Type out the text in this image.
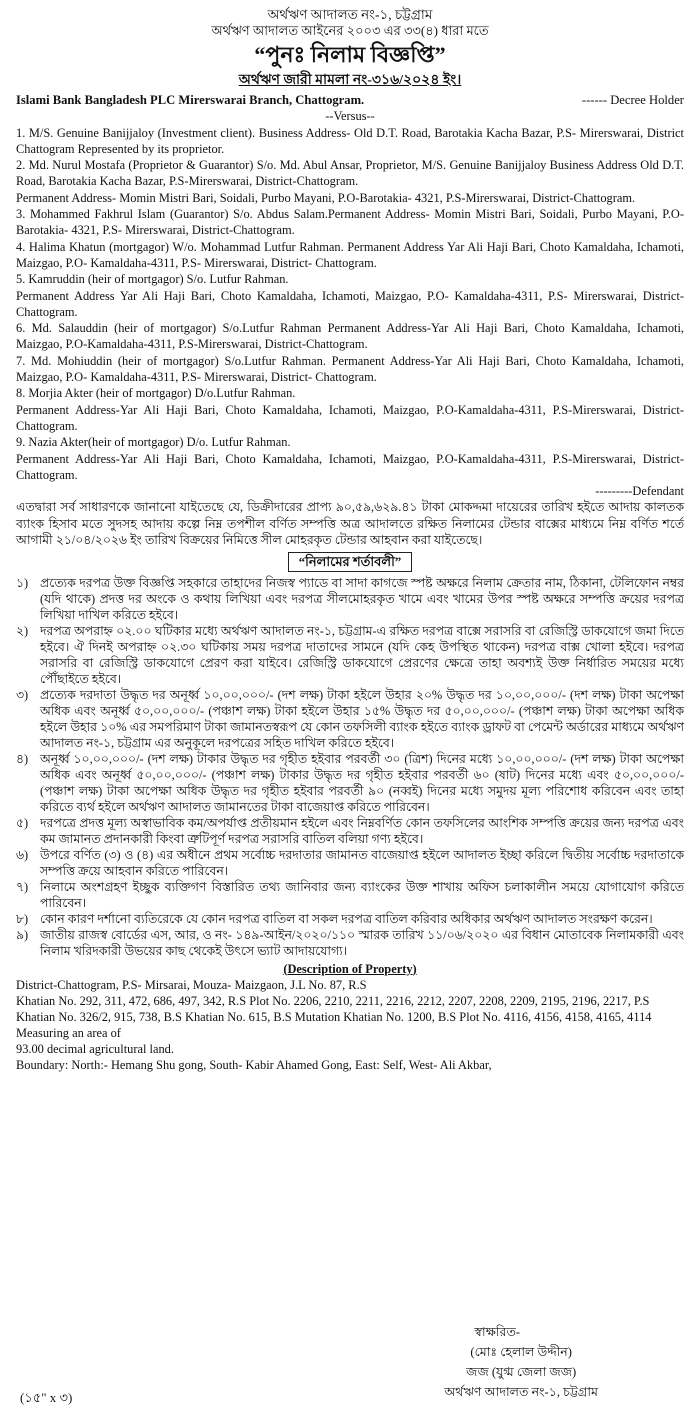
অর্থঋণ আদালত নং-১, চট্টগ্রাম
অর্থঋণ আদালত আইনের ২০০৩ এর ৩৩(৪) ধারা মতে
“পুনঃ নিলাম বিজ্ঞপ্তি”
অর্থঋণ জারী মামলা নং-৩১৬/২০২৪ ইং।
Islami Bank Bangladesh PLC Mirerswarai Branch, Chattogram.	------ Decree Holder
--Versus--

1. M/S. Genuine Banijjaloy (Investment client). Business Address- Old D.T. Road, Barotakia Kacha Bazar, P.S- Mirerswarai, District Chattogram Represented by its proprietor.

2. Md. Nurul Mostafa (Proprietor & Guarantor) S/o. Md. Abul Ansar, Proprietor, M/S. Genuine Banijjaloy Business Address Old D.T. Road, Barotakia Kacha Bazar, P.S-Mirerswarai, District-Chattogram.

Permanent Address- Momin Mistri Bari, Soidali, Purbo Mayani, P.O-Barotakia- 4321, P.S-Mirerswarai, District-Chattogram.

3. Mohammed Fakhrul Islam (Guarantor) S/o. Abdus Salam.Permanent Address- Momin Mistri Bari, Soidali, Purbo Mayani, P.O- Barotakia- 4321, P.S- Mirerswarai, District-Chattogram.

4. Halima Khatun (mortgagor) W/o. Mohammad Lutfur Rahman. Permanent Address Yar Ali Haji Bari, Choto Kamaldaha, Ichamoti, Maizgao, P.O- Kamaldaha-4311, P.S- Mirerswarai, District- Chattogram.

5. Kamruddin (heir of mortgagor) S/o. Lutfur Rahman.

Permanent Address Yar Ali Haji Bari, Choto Kamaldaha, Ichamoti, Maizgao, P.O- Kamaldaha-4311, P.S- Mirerswarai, District- Chattogram.

6. Md. Salauddin (heir of mortgagor) S/o.Lutfur Rahman Permanent Address-Yar Ali Haji Bari, Choto Kamaldaha, Ichamoti, Maizgao, P.O-Kamaldaha-4311, P.S-Mirerswarai, District-Chattogram.

7. Md. Mohiuddin (heir of mortgagor) S/o.Lutfur Rahman. Permanent Address-Yar Ali Haji Bari, Choto Kamaldaha, Ichamoti, Maizgao, P.O- Kamaldaha-4311, P.S- Mirerswarai, District- Chattogram.

8. Morjia Akter (heir of mortgagor) D/o.Lutfur Rahman.

Permanent Address-Yar Ali Haji Bari, Choto Kamaldaha, Ichamoti, Maizgao, P.O-Kamaldaha-4311, P.S-Mirerswarai, District-Chattogram.

9. Nazia Akter(heir of mortgagor) D/o. Lutfur Rahman.

Permanent Address-Yar Ali Haji Bari, Choto Kamaldaha, Ichamoti, Maizgao, P.O-Kamaldaha-4311, P.S-Mirerswarai, District-Chattogram.

---------Defendant
এতদ্বারা সর্ব সাধারণকে জানানো যাইতেছে যে, ডিক্রীদারের প্রাপ্য ৯০,৫৯,৬২৯.৪১ টাকা মোকদ্দমা দায়েরের তারিখ হইতে আদায় কালতক ব্যাংক হিসাব মতে সুদসহ আদায় কল্পে নিম্ন তপশীল বর্ণিত সম্পত্তি অত্র আদালতে রক্ষিত নিলামের টেন্ডার বাক্সের মাধ্যমে নিম্ন বর্ণিত শর্তে আগামী ২১/০৪/২০২৬ ইং তারিখ বিক্রয়ের নিমিত্তে সীল মোহরকৃত টেন্ডার আহবান করা যাইতেছে।
“নিলামের শর্তাবলী”
১) প্রত্যেক দরপত্র উক্ত বিজ্ঞপ্তি সহকারে তাহাদের নিজস্ব প্যাডে বা সাদা কাগজে স্পষ্ট অক্ষরে নিলাম ক্রেতার নাম, ঠিকানা, টেলিফোন নম্বর (যদি থাকে) প্রদত্ত দর অংকে ও কথায় লিখিয়া এবং দরপত্র সীলমোহরকৃত খামে এবং খামের উপর স্পষ্ট অক্ষরে সম্পত্তি ক্রয়ের দরপত্র লিখিয়া দাখিল করিতে হইবে।
২) দরপত্র অপরাহ্ন ০২.০০ ঘটিকার মধ্যে অর্থঋণ আদালত নং-১, চট্টগ্রাম-এ রক্ষিত দরপত্র বাক্সে সরাসরি বা রেজিস্ট্রি ডাকযোগে জমা দিতে হইবে। ঐ দিনই অপরাহ্ন ০২.৩০ ঘটিকায় সময় দরপত্র দাতাদের সামনে (যদি কেহ উপস্থিত থাকেন) দরপত্র বাক্স খোলা হইবে। দরপত্র সরাসরি বা রেজিস্ট্রি ডাকযোগে প্রেরণ করা যাইবে। রেজিস্ট্রি ডাকযোগে প্রেরণের ক্ষেত্রে তাহা অবশ্যই উক্ত নির্ধারিত সময়ের মধ্যে পৌঁছাইতে হইবে।
৩) প্রত্যেক দরদাতা উদ্ধৃত দর অনূর্ধ্ব ১০,০০,০০০/- (দশ লক্ষ) টাকা হইলে উহার ২০% উদ্ধৃত দর ১০,০০,০০০/- (দশ লক্ষ) টাকা অপেক্ষা অধিক এবং অনূর্ধ্ব ৫০,০০,০০০/- (পঞ্চাশ লক্ষ) টাকা হইলে উহার ১৫% উদ্ধৃত দর ৫০,০০,০০০/- (পঞ্চাশ লক্ষ) টাকা অপেক্ষা অধিক হইলে উহার ১০% এর সমপরিমাণ টাকা জামানতস্বরূপ যে কোন তফসিলী ব্যাংক হইতে ব্যাংক ড্রাফট বা পেমেন্ট অর্ডারের মাধ্যমে অর্থঋণ আদালত নং-১, চট্টগ্রাম এর অনুকূলে দরপত্রের সহিত দাখিল করিতে হইবে।
৪) অনূর্ধ্ব ১০,০০,০০০/- (দশ লক্ষ) টাকার উদ্ধৃত দর গৃহীত হইবার পরবর্তী ৩০ (ত্রিশ) দিনের মধ্যে ১০,০০,০০০/- (দশ লক্ষ) টাকা অপেক্ষা অধিক এবং অনূর্ধ্ব ৫০,০০,০০০/- (পঞ্চাশ লক্ষ) টাকার উদ্ধৃত দর গৃহীত হইবার পরবর্তী ৬০ (ষাট) দিনের মধ্যে এবং ৫০,০০,০০০/- (পঞ্চাশ লক্ষ) টাকা অপেক্ষা অধিক উদ্ধৃত দর গৃহীত হইবার পরবর্তী ৯০ (নব্বই) দিনের মধ্যে সমুদয় মূল্য পরিশোধ করিবেন এবং তাহা করিতে ব্যর্থ হইলে অর্থঋণ আদালত জামানতের টাকা বাজেয়াপ্ত করিতে পারিবেন।
৫) দরপত্রে প্রদত্ত মূল্য অস্বাভাবিক কম/অপর্যাপ্ত প্রতীয়মান হইলে এবং নিম্নবর্ণিত কোন তফসিলের আংশিক সম্পত্তি ক্রয়ের জন্য দরপত্র এবং কম জামানত প্রদানকারী কিংবা ত্রুটিপূর্ণ দরপত্র সরাসরি বাতিল বলিয়া গণ্য হইবে।
৬) উপরে বর্ণিত (৩) ও (৪) এর অধীনে প্রথম সর্বোচ্চ দরদাতার জামানত বাজেয়াপ্ত হইলে আদালত ইচ্ছা করিলে দ্বিতীয় সর্বোচ্চ দরদাতাকে সম্পত্তি ক্রয়ে আহবান করিতে পারিবেন।
৭) নিলামে অংশগ্রহণ ইচ্ছুক ব্যক্তিগণ বিস্তারিত তথ্য জানিবার জন্য ব্যাংকের উক্ত শাখায় অফিস চলাকালীন সময়ে যোগাযোগ করিতে পারিবেন।
৮) কোন কারণ দর্শানো ব্যতিরেকে যে কোন দরপত্র বাতিল বা সকল দরপত্র বাতিল করিবার অধিকার অর্থঋণ আদালত সংরক্ষণ করেন।
৯) জাতীয় রাজস্ব বোর্ডের এস, আর, ও নং- ১৪৯-আইন/২০২০/১১০ স্মারক তারিখ ১১/০৬/২০২০ এর বিধান মোতাবেক নিলামকারী এবং নিলাম খরিদকারী উভয়ের কাছ থেকেই উৎসে ভ্যাট আদায়যোগ্য।
(Description of Property)

District-Chattogram, P.S- Mirsarai, Mouza- Maizgaon, J.L No. 87, R.S

Khatian No. 292, 311, 472, 686, 497, 342, R.S Plot No. 2206, 2210, 2211, 2216, 2212, 2207, 2208, 2209, 2195, 2196, 2217, P.S Khatian No. 326/2, 915, 738, B.S Khatian No. 615, B.S Mutation Khatian No. 1200, B.S Plot No. 4116, 4156, 4158, 4165, 4114 Measuring an area of

93.00 decimal agricultural land.

Boundary: North:- Hemang Shu gong, South- Kabir Ahamed Gong, East: Self, West- Ali Akbar,

স্বাক্ষরিত-
(মোঃ হেলাল উদ্দীন)
জজ (যুগ্ম জেলা জজ)
অর্থঋণ আদালত নং-১, চট্টগ্রাম
(১৫" x ৩)
